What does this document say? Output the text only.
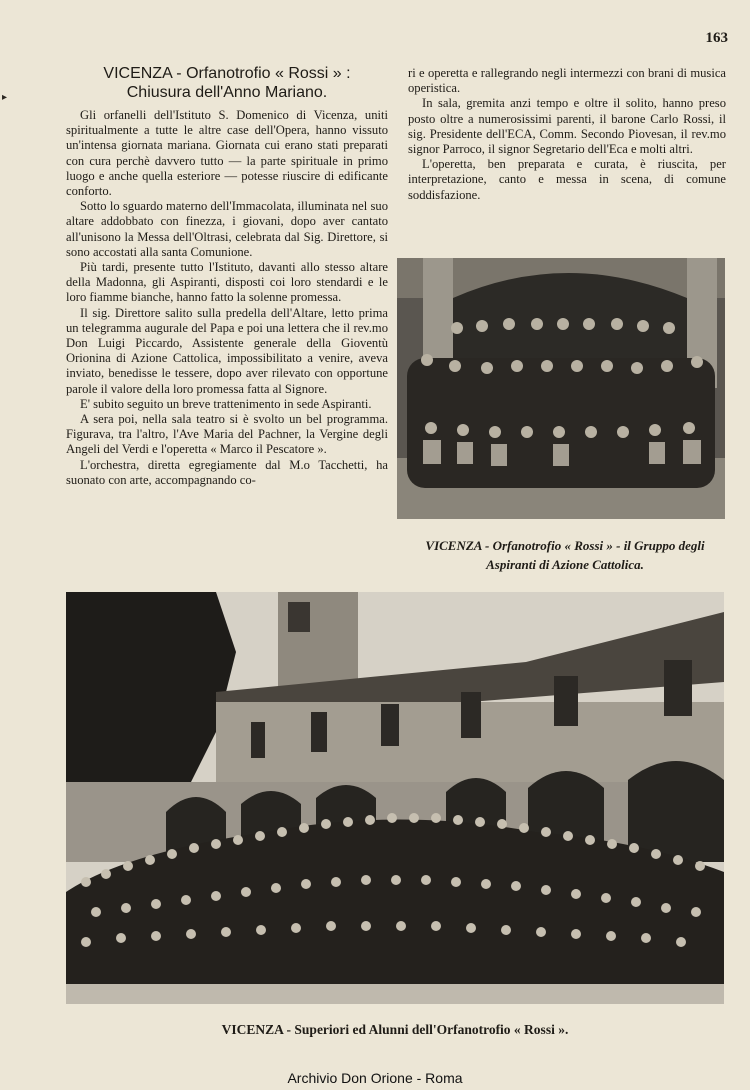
163
▸
VICENZA - Orfanotrofio « Rossi » :
Chiusura dell'Anno Mariano.

Gli orfanelli dell'Istituto S. Domenico di Vicenza, uniti spiritualmente a tutte le altre case dell'Opera, hanno vissuto un'intensa giornata mariana. Giornata cui erano stati preparati con cura perchè davvero tutto — la parte spirituale in primo luogo e anche quella esteriore — potesse riuscire di edificante conforto.

Sotto lo sguardo materno dell'Immacolata, illuminata nel suo altare addobbato con finezza, i giovani, dopo aver cantato all'unisono la Messa dell'Oltrasi, celebrata dal Sig. Direttore, si sono accostati alla santa Comunione.

Più tardi, presente tutto l'Istituto, davanti allo stesso altare della Madonna, gli Aspiranti, disposti coi loro stendardi e le loro fiamme bianche, hanno fatto la solenne promessa.

Il sig. Direttore salito sulla predella dell'Altare, letto prima un telegramma augurale del Papa e poi una lettera che il rev.mo Don Luigi Piccardo, Assistente generale della Gioventù Orionina di Azione Cattolica, impossibilitato a venire, aveva inviato, benedisse le tessere, dopo aver rilevato con opportune parole il valore della loro promessa fatta al Signore.

E' subito seguito un breve trattenimento in sede Aspiranti.

A sera poi, nella sala teatro si è svolto un bel programma. Figurava, tra l'altro, l'Ave Maria del Pachner, la Vergine degli Angeli del Verdi e l'operetta « Marco il Pescatore ».

L'orchestra, diretta egregiamente dal M.o Tacchetti, ha suonato con arte, accompagnando co-

ri e operetta e rallegrando negli intermezzi con brani di musica operistica.

In sala, gremita anzi tempo e oltre il solito, hanno preso posto oltre a numerosissimi parenti, il barone Carlo Rossi, il sig. Presidente dell'ECA, Comm. Secondo Piovesan, il rev.mo signor Parroco, il signor Segretario dell'Eca e molti altri.

L'operetta, ben preparata e curata, è riuscita, per interpretazione, canto e messa in scena, di comune soddisfazione.

VICENZA - Orfanotrofio « Rossi » - il Gruppo degli Aspiranti di Azione Cattolica.
VICENZA - Superiori ed Alunni dell'Orfanotrofio « Rossi ».
Archivio Don Orione - Roma
